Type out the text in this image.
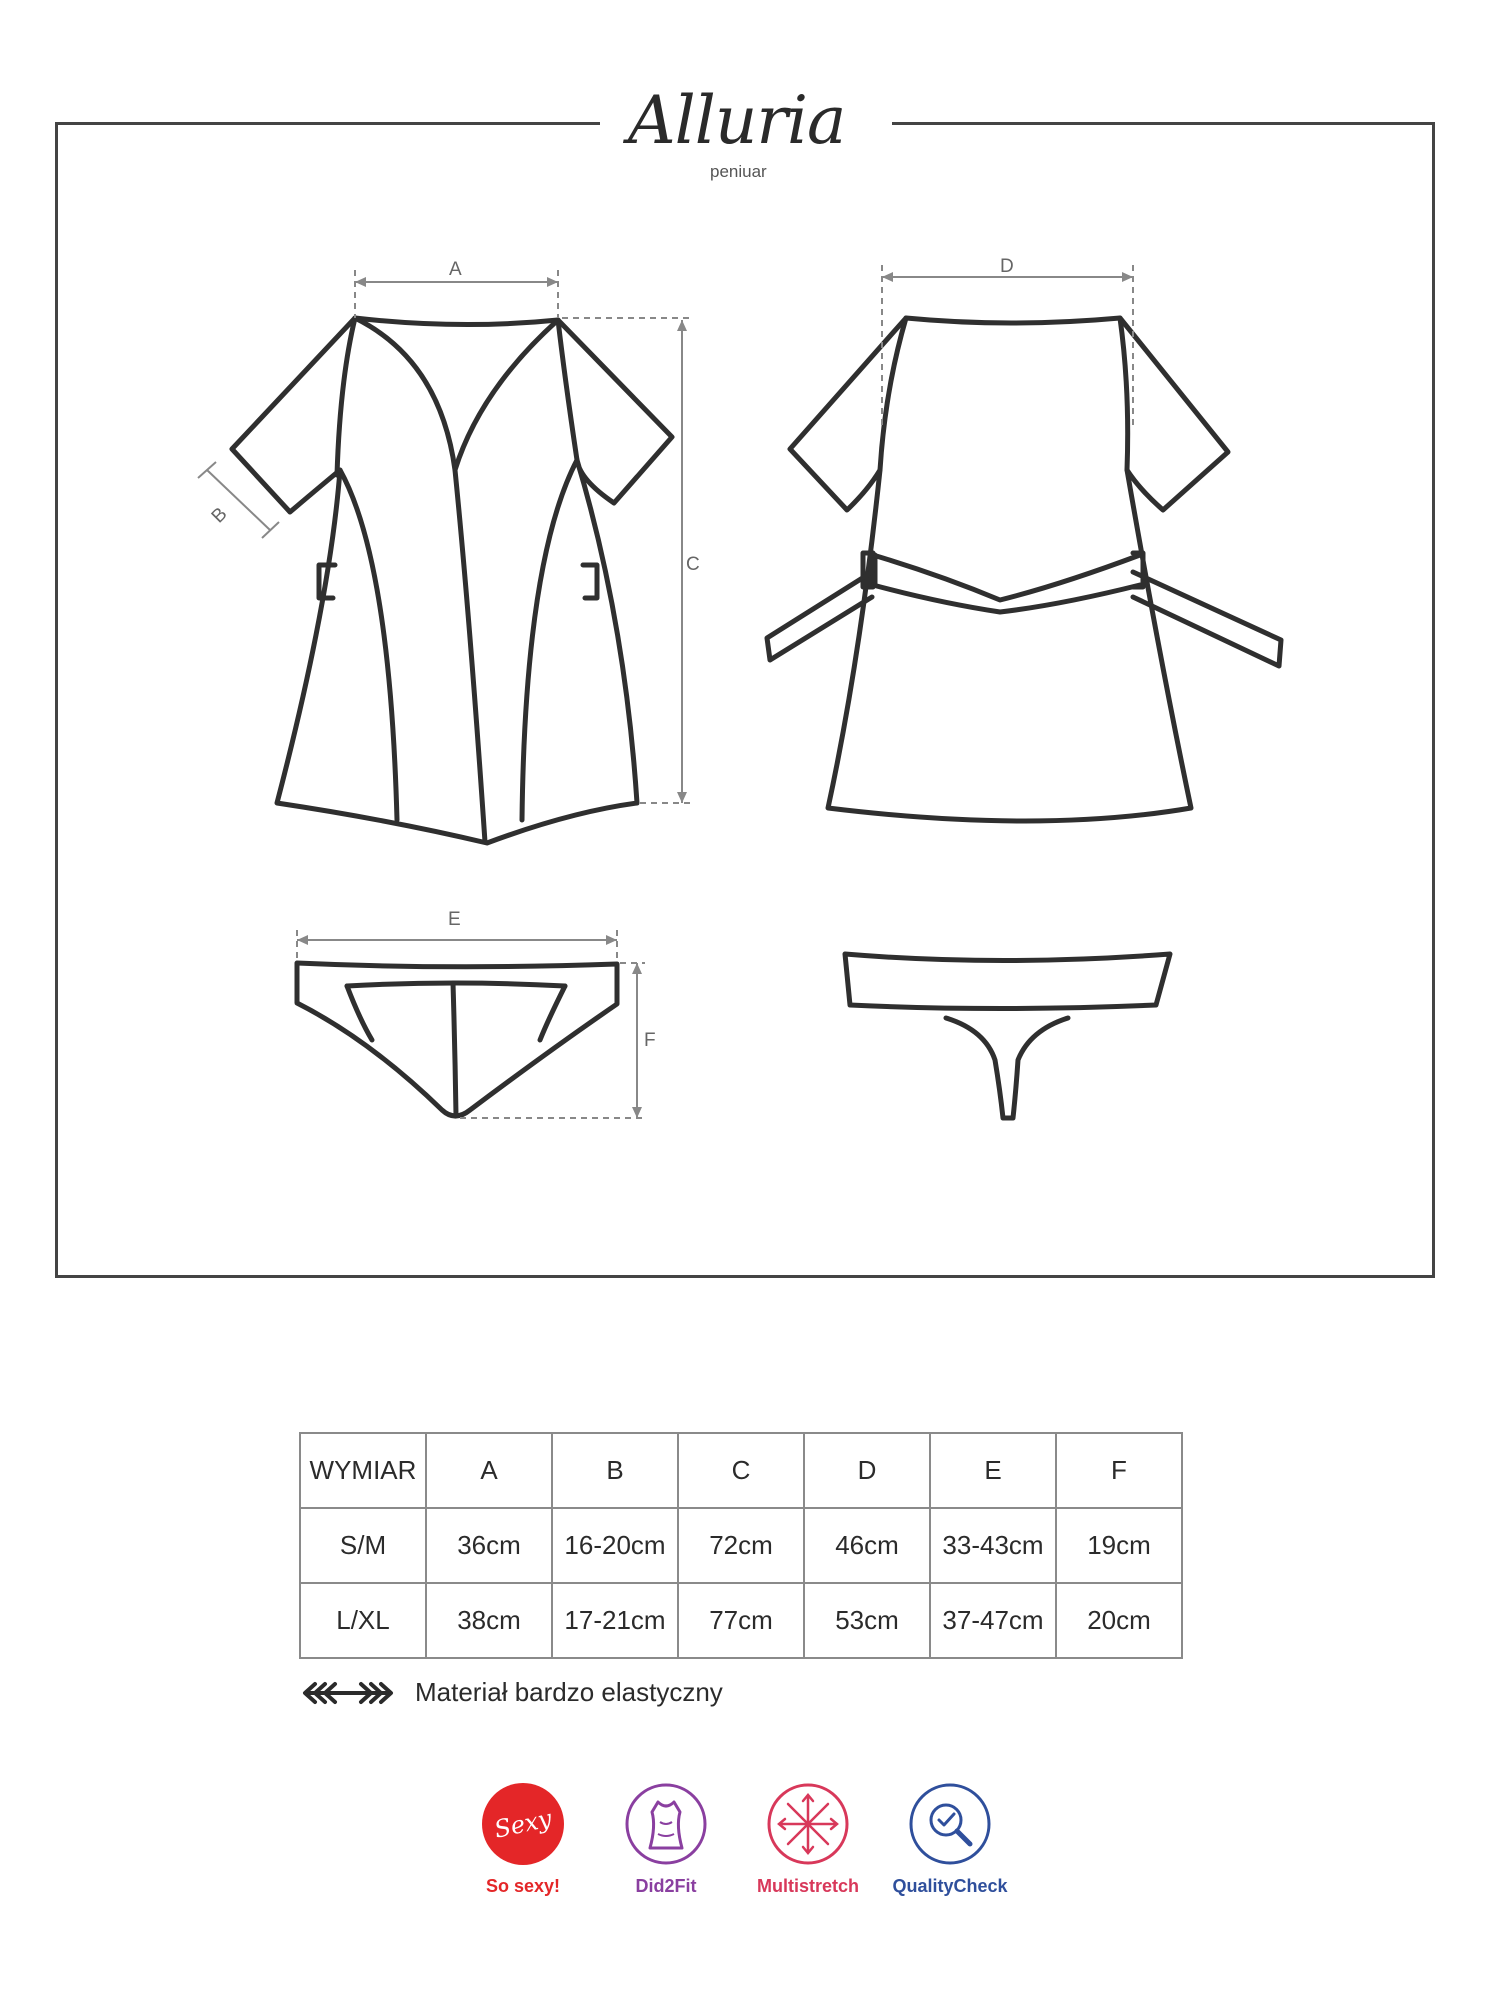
Alluria
peniuar
A
B
C
D
E
F
WYMIAR	A	B	C	D	E	F
S/M	36cm	16-20cm	72cm	46cm	33-43cm	19cm
L/XL	38cm	17-21cm	77cm	53cm	37-47cm	20cm
Materiał bardzo elastyczny
Sexy
So sexy!	Did2Fit	Multistretch	QualityCheck
